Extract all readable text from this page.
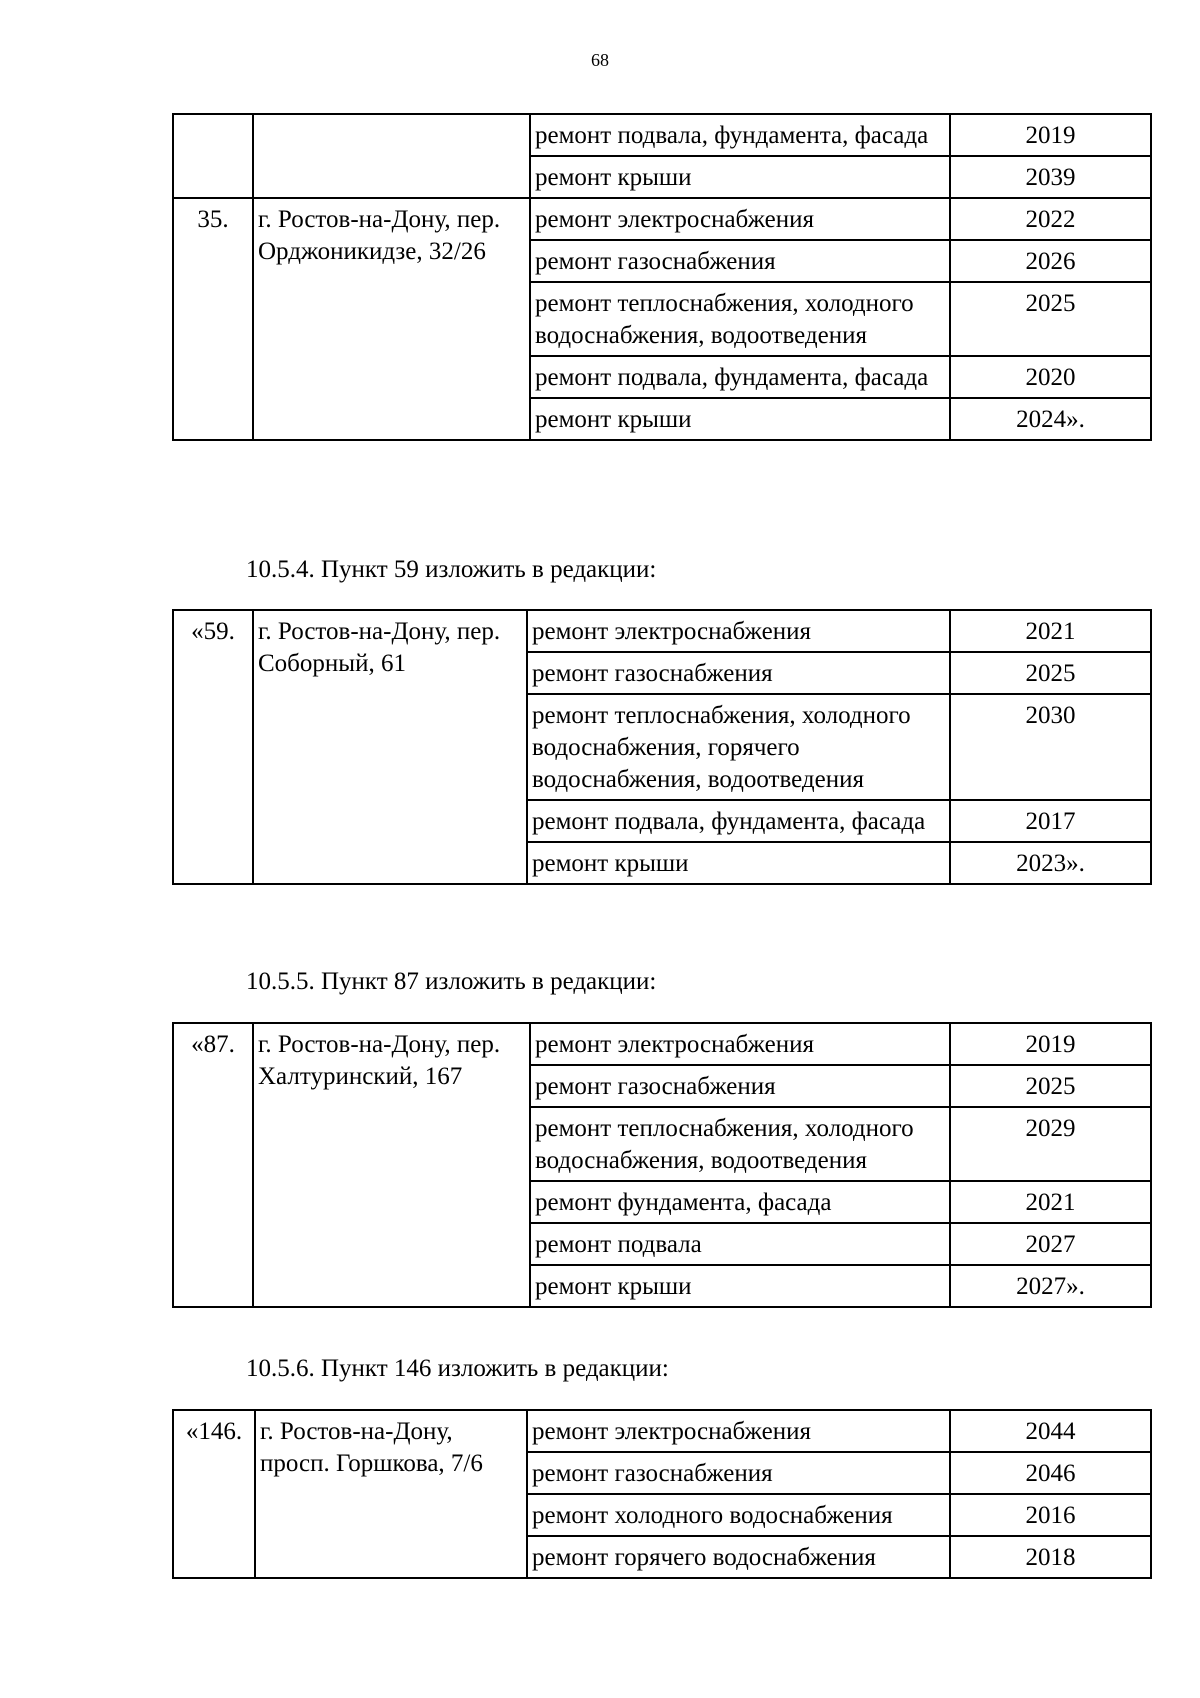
68
		ремонт подвала, фундамента, фасада	2019
		ремонт крыши	2039
35.	г. Ростов-на-Дону, пер. Орджоникидзе, 32/26	ремонт электроснабжения	2022
		ремонт газоснабжения	2026
		ремонт теплоснабжения, холодного водоснабжения, водоотведения	2025
		ремонт подвала, фундамента, фасада	2020
		ремонт крыши	2024».
10.5.4. Пункт 59 изложить в редакции:
«59.	г. Ростов-на-Дону, пер. Соборный, 61	ремонт электроснабжения	2021
		ремонт газоснабжения	2025
		ремонт теплоснабжения, холодного водоснабжения, горячего водоснабжения, водоотведения	2030
		ремонт подвала, фундамента, фасада	2017
		ремонт крыши	2023».
10.5.5. Пункт 87 изложить в редакции:
«87.	г. Ростов-на-Дону, пер. Халтуринский, 167	ремонт электроснабжения	2019
		ремонт газоснабжения	2025
		ремонт теплоснабжения, холодного водоснабжения, водоотведения	2029
		ремонт фундамента, фасада	2021
		ремонт подвала	2027
		ремонт крыши	2027».
10.5.6. Пункт 146 изложить в редакции:
«146.	г. Ростов-на-Дону, просп. Горшкова, 7/6	ремонт электроснабжения	2044
		ремонт газоснабжения	2046
		ремонт холодного водоснабжения	2016
		ремонт горячего водоснабжения	2018
